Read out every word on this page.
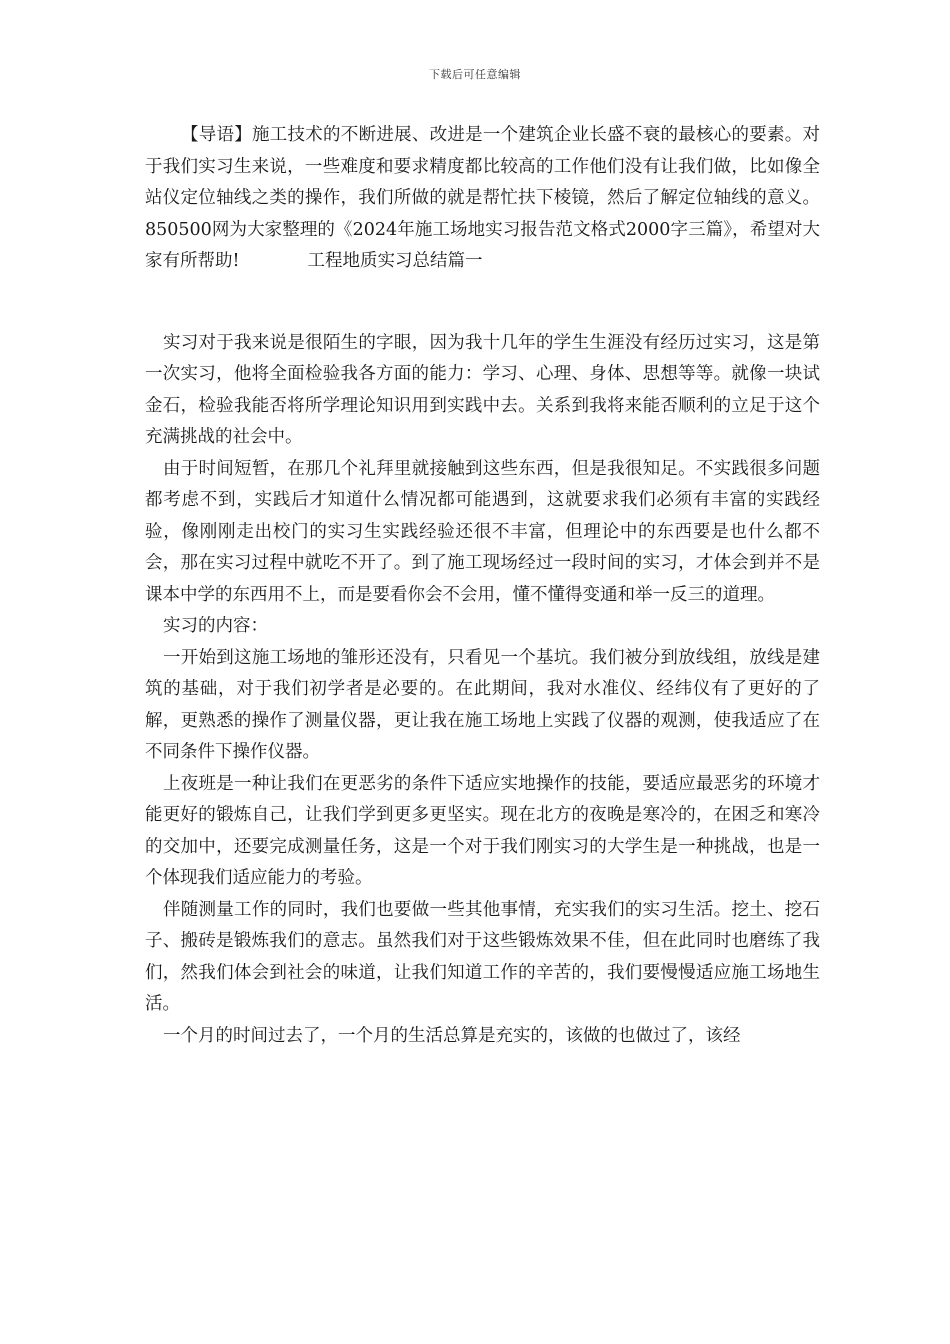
下载后可任意编辑

【导语】施工技术的不断进展、改进是一个建筑企业长盛不衰的最核心的要素。对于我们实习生来说，一些难度和要求精度都比较高的工作他们没有让我们做，比如像全站仪定位轴线之类的操作，我们所做的就是帮忙扶下棱镜，然后了解定位轴线的意义。850500网为大家整理的《2024年施工场地实习报告范文格式2000字三篇》，希望对大家有所帮助!	工程地质实习总结篇一

实习对于我来说是很陌生的字眼，因为我十几年的学生生涯没有经历过实习，这是第一次实习，他将全面检验我各方面的能力：学习、心理、身体、思想等等。就像一块试金石，检验我能否将所学理论知识用到实践中去。关系到我将来能否顺利的立足于这个充满挑战的社会中。

由于时间短暂，在那几个礼拜里就接触到这些东西，但是我很知足。不实践很多问题都考虑不到，实践后才知道什么情况都可能遇到，这就要求我们必须有丰富的实践经验，像刚刚走出校门的实习生实践经验还很不丰富，但理论中的东西要是也什么都不会，那在实习过程中就吃不开了。到了施工现场经过一段时间的实习，才体会到并不是课本中学的东西用不上，而是要看你会不会用，懂不懂得变通和举一反三的道理。

实习的内容：

一开始到这施工场地的雏形还没有，只看见一个基坑。我们被分到放线组，放线是建筑的基础，对于我们初学者是必要的。在此期间，我对水准仪、经纬仪有了更好的了解，更熟悉的操作了测量仪器，更让我在施工场地上实践了仪器的观测，使我适应了在不同条件下操作仪器。

上夜班是一种让我们在更恶劣的条件下适应实地操作的技能，要适应最恶劣的环境才能更好的锻炼自己，让我们学到更多更坚实。现在北方的夜晚是寒冷的，在困乏和寒冷的交加中，还要完成测量任务，这是一个对于我们刚实习的大学生是一种挑战，也是一个体现我们适应能力的考验。

伴随测量工作的同时，我们也要做一些其他事情，充实我们的实习生活。挖土、挖石子、搬砖是锻炼我们的意志。虽然我们对于这些锻炼效果不佳，但在此同时也磨练了我们，然我们体会到社会的味道，让我们知道工作的辛苦的，我们要慢慢适应施工场地生活。

一个月的时间过去了，一个月的生活总算是充实的，该做的也做过了，该经
